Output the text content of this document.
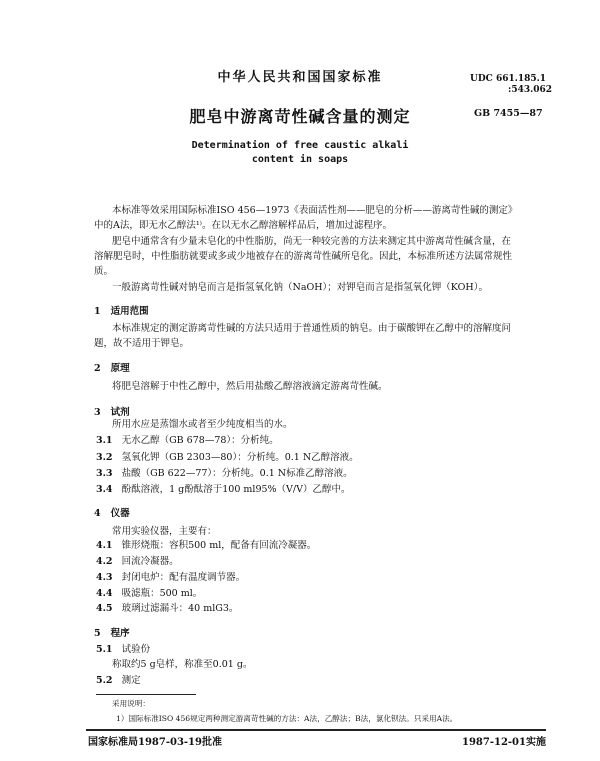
中华人民共和国国家标准	UDC 661.185.1
:543.062
GB 7455—87
肥皂中游离苛性碱含量的测定
Determination of free caustic alkali
content in soaps
本标准等效采用国际标准ISO 456—1973《表面活性剂——肥皂的分析——游离苛性碱的测定》
中的A法，即无水乙醇法¹⁾。在以无水乙醇溶解样品后，增加过滤程序。
肥皂中通常含有少量未皂化的中性脂肪，尚无一种较完善的方法来测定其中游离苛性碱含量，在
溶解肥皂时，中性脂肪就要或多或少地被存在的游离苛性碱所皂化。因此，本标准所述方法属常规性
质。
一般游离苛性碱对钠皂而言是指氢氧化钠（NaOH）；对钾皂而言是指氢氧化钾（KOH）。
1 适用范围
本标准规定的测定游离苛性碱的方法只适用于普通性质的钠皂。由于碳酸钾在乙醇中的溶解度问
题，故不适用于钾皂。
2 原理
将肥皂溶解于中性乙醇中，然后用盐酸乙醇溶液滴定游离苛性碱。
3 试剂
所用水应是蒸馏水或者至少纯度相当的水。
3.1 无水乙醇（GB 678—78）：分析纯。
3.2 氢氧化钾（GB 2303—80）：分析纯。0.1 N乙醇溶液。
3.3 盐酸（GB 622—77）：分析纯。0.1 N标准乙醇溶液。
3.4 酚酞溶液，1 g酚酞溶于100 ml95%（V/V）乙醇中。
4 仪器
常用实验仪器，主要有：
4.1 锥形烧瓶：容积500 ml，配备有回流冷凝器。
4.2 回流冷凝器。
4.3 封闭电炉：配有温度调节器。
4.4 吸滤瓶：500 ml。
4.5 玻璃过滤漏斗：40 mlG3。
5 程序
5.1 试验份
称取约5 g皂样，称准至0.01 g。
5.2 测定
采用说明：
1）国际标准ISO 456规定两种测定游离苛性碱的方法：A法，乙醇法；B法，氯化钡法。只采用A法。
国家标准局1987-03-19批准	1987-12-01实施
